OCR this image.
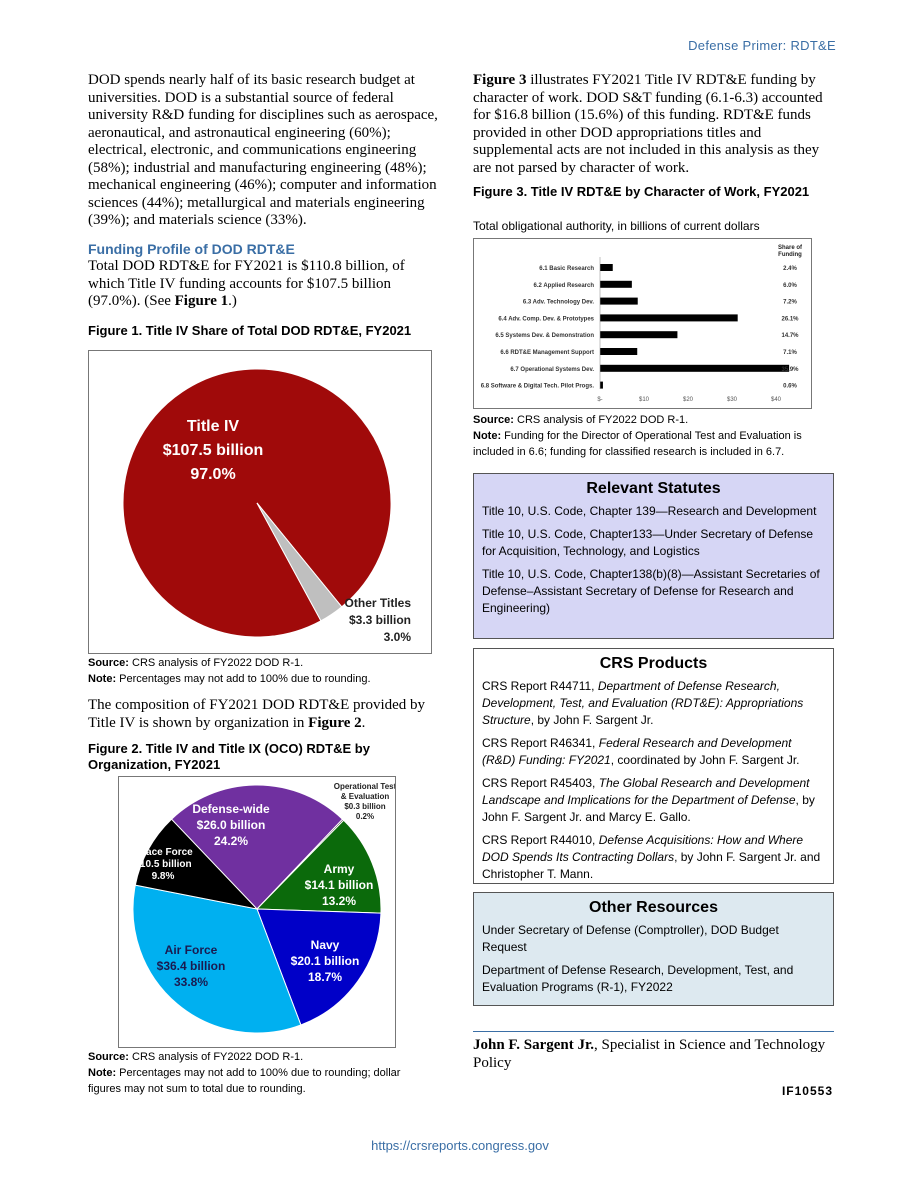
Defense Primer: RDT&E
DOD spends nearly half of its basic research budget at universities. DOD is a substantial source of federal university R&D funding for disciplines such as aerospace, aeronautical, and astronautical engineering (60%); electrical, electronic, and communications engineering (58%); industrial and manufacturing engineering (48%); mechanical engineering (46%); computer and information sciences (44%); metallurgical and materials engineering (39%); and materials science (33%).
Funding Profile of DOD RDT&E
Total DOD RDT&E for FY2021 is $110.8 billion, of which Title IV funding accounts for $107.5 billion (97.0%). (See Figure 1.)
Figure 1. Title IV Share of Total DOD RDT&E, FY2021
Title IV $107.5 billion 97.0%
Other Titles $3.3 billion 3.0%
Source: CRS analysis of FY2022 DOD R-1.
Note: Percentages may not add to 100% due to rounding.
The composition of FY2021 DOD RDT&E provided by Title IV is shown by organization in Figure 2.
Figure 2. Title IV and Title IX (OCO) RDT&E by Organization, FY2021
Defense-wide $26.0 billion 24.2%
Operational Test & Evaluation $0.3 billion 0.2%
Army $14.1 billion 13.2%
Navy $20.1 billion 18.7%
Air Force $36.4 billion 33.8%
Space Force $10.5 billion 9.8%
Source: CRS analysis of FY2022 DOD R-1.
Note: Percentages may not add to 100% due to rounding; dollar figures may not sum to total due to rounding.
Figure 3 illustrates FY2021 Title IV RDT&E funding by character of work. DOD S&T funding (6.1-6.3) accounted for $16.8 billion (15.6%) of this funding. RDT&E funds provided in other DOD appropriations titles and supplemental acts are not included in this analysis as they are not parsed by character of work.
Figure 3. Title IV RDT&E by Character of Work, FY2021
Total obligational authority, in billions of current dollars
Share of Funding
6.1 Basic Research	2.4%
6.2 Applied Research	6.0%
6.3 Adv. Technology Dev.	7.2%
6.4 Adv. Comp. Dev. & Prototypes	26.1%
6.5 Systems Dev. & Demonstration	14.7%
6.6 RDT&E Management Support	7.1%
6.7 Operational Systems Dev.	35.9%
6.8 Software & Digital Tech. Pilot Progs.	0.6%
$-	$10	$20	$30	$40
Source: CRS analysis of FY2022 DOD R-1.
Note: Funding for the Director of Operational Test and Evaluation is included in 6.6; funding for classified research is included in 6.7.
Relevant Statutes

Title 10, U.S. Code, Chapter 139—Research and Development

Title 10, U.S. Code, Chapter133—Under Secretary of Defense for Acquisition, Technology, and Logistics

Title 10, U.S. Code, Chapter138(b)(8)—Assistant Secretaries of Defense–Assistant Secretary of Defense for Research and Engineering)

CRS Products

CRS Report R44711, Department of Defense Research, Development, Test, and Evaluation (RDT&E): Appropriations Structure, by John F. Sargent Jr.

CRS Report R46341, Federal Research and Development (R&D) Funding: FY2021, coordinated by John F. Sargent Jr.

CRS Report R45403, The Global Research and Development Landscape and Implications for the Department of Defense, by John F. Sargent Jr. and Marcy E. Gallo.

CRS Report R44010, Defense Acquisitions: How and Where DOD Spends Its Contracting Dollars, by John F. Sargent Jr. and Christopher T. Mann.

Other Resources

Under Secretary of Defense (Comptroller), DOD Budget Request

Department of Defense Research, Development, Test, and Evaluation Programs (R-1), FY2022

John F. Sargent Jr., Specialist in Science and Technology Policy
IF10553
https://crsreports.congress.gov
